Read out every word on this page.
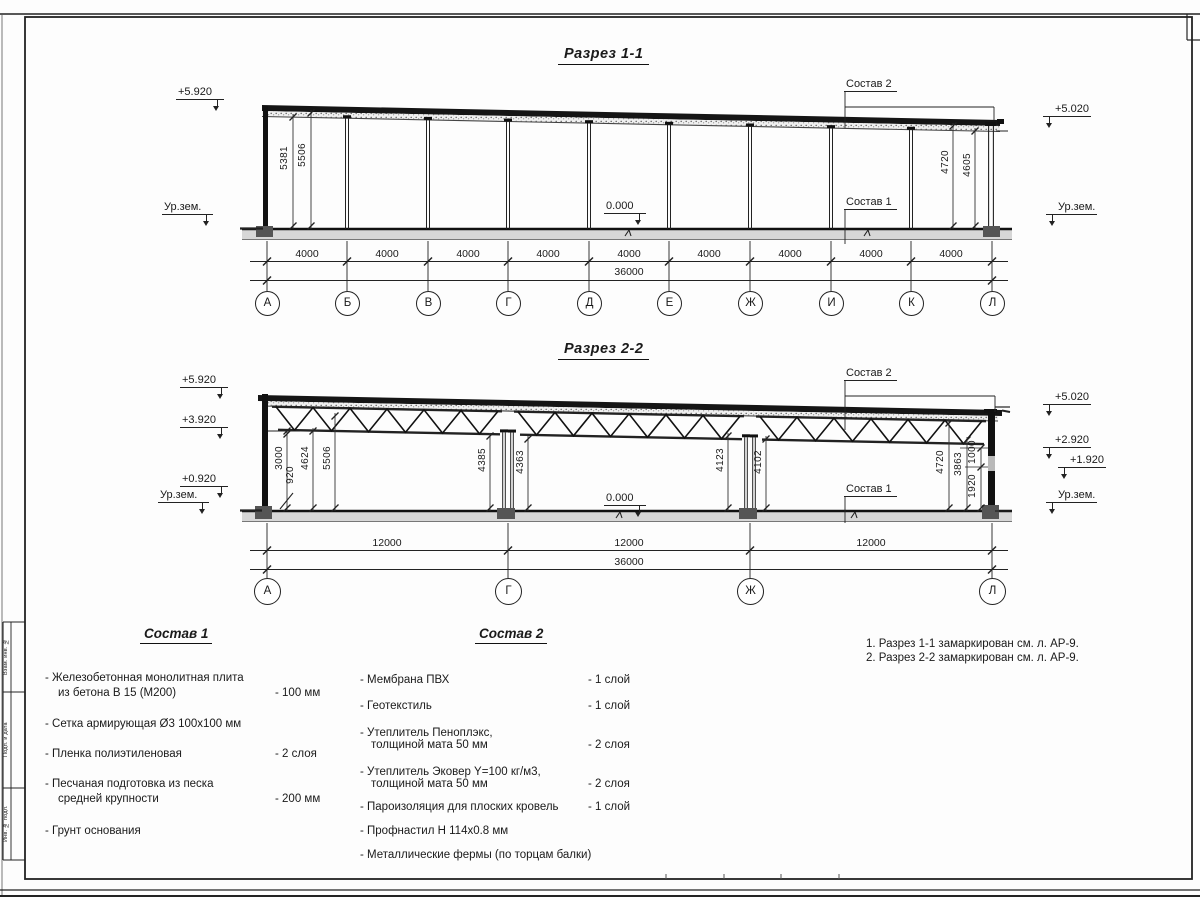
Разрез 1-1
+5.920
Ур.зем.
+5.020
Ур.зем.
0.000
Состав 2
Состав 1
5381 5506	4720 4605
4000	4000	4000	4000	4000	4000	4000	4000	4000
36000
А	Б	В	Г	Д	Е	Ж	И	К	Л
Разрез 2-2
+5.920
+3.920
+0.920
Ур.зем.
+5.020
+2.920
+1.920
Ур.зем.
0.000
Состав 2
Состав 1
3000
920
4624 5506	4385	4363	4123	4102	4720 3863
1000
1920
12000	12000	12000
36000
А	Г	Ж	Л
Состав 1
- Железобетонная монолитная плита
из бетона В 15 (М200)	- 100 мм
- Сетка армирующая Ø3 100x100 мм
- Пленка полиэтиленовая	- 2 слоя
- Песчаная подготовка из песка
средней крупности	- 200 мм
- Грунт основания
Состав 2
- Мембрана ПВХ	- 1 слой
- Геотекстиль	- 1 слой
- Утеплитель Пеноплэкс,
толщиной мата 50 мм	- 2 слоя
- Утеплитель Эковер Y=100 кг/м3,
толщиной мата 50 мм	- 2 слоя
- Пароизоляция для плоских кровель	- 1 слой
- Профнастил Н 114x0.8 мм
- Металлические фермы (по торцам балки)
1. Разрез 1-1 замаркирован см. л. АР-9.
2. Разрез 2-2 замаркирован см. л. АР-9.
Взам. инв. №
Подп. и дата
Инв. № подл.
